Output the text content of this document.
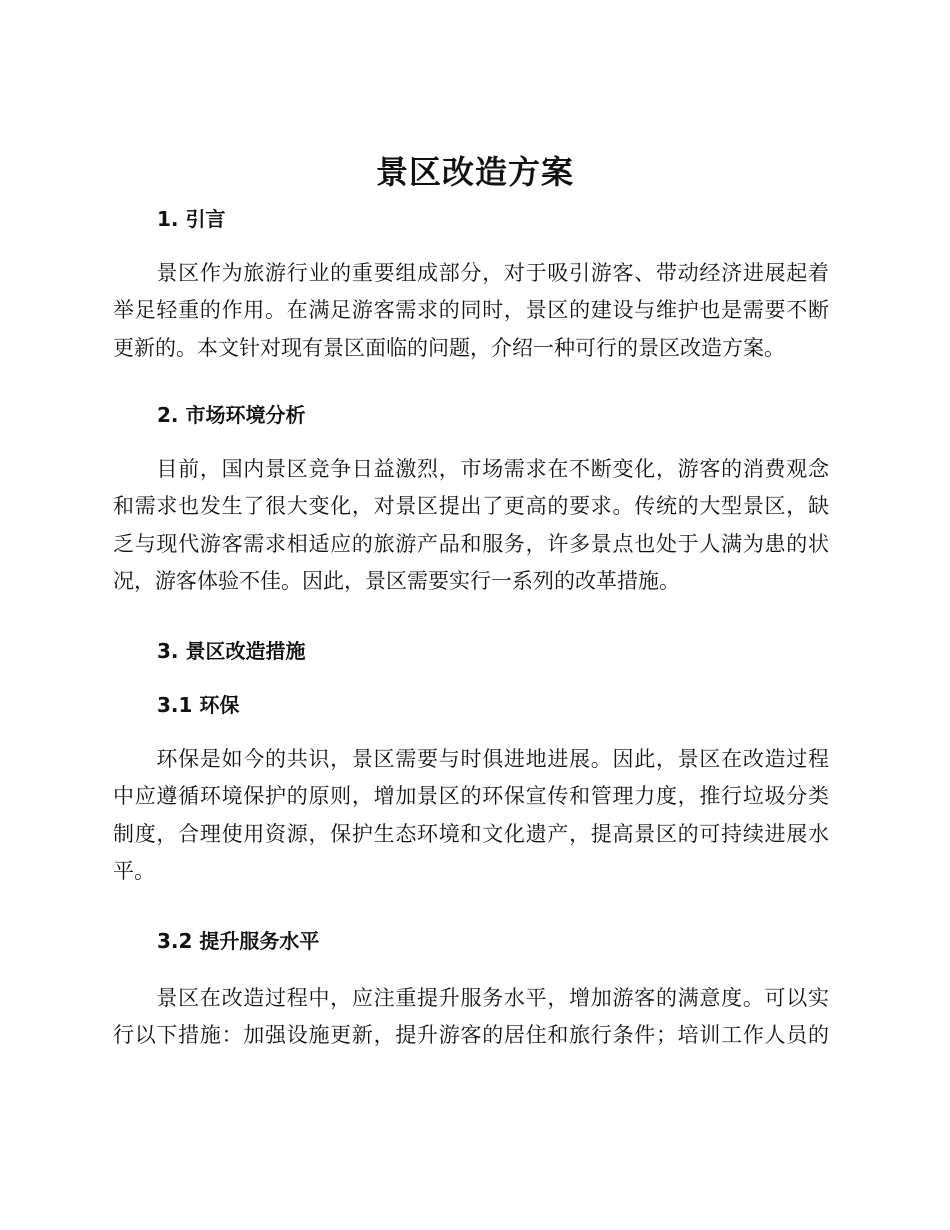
景区改造方案
1. 引言

　　景区作为旅游行业的重要组成部分，对于吸引游客、带动经济进展起着
举足轻重的作用。在满足游客需求的同时，景区的建设与维护也是需要不断
更新的。本文针对现有景区面临的问题，介绍一种可行的景区改造方案。

2. 市场环境分析

　　目前，国内景区竞争日益激烈，市场需求在不断变化，游客的消费观念
和需求也发生了很大变化，对景区提出了更高的要求。传统的大型景区，缺
乏与现代游客需求相适应的旅游产品和服务，许多景点也处于人满为患的状
况，游客体验不佳。因此，景区需要实行一系列的改革措施。

3. 景区改造措施
3.1 环保

　　环保是如今的共识，景区需要与时俱进地进展。因此，景区在改造过程
中应遵循环境保护的原则，增加景区的环保宣传和管理力度，推行垃圾分类
制度，合理使用资源，保护生态环境和文化遗产，提高景区的可持续进展水
平。

3.2 提升服务水平

　　景区在改造过程中，应注重提升服务水平，增加游客的满意度。可以实
行以下措施：加强设施更新，提升游客的居住和旅行条件；培训工作人员的
